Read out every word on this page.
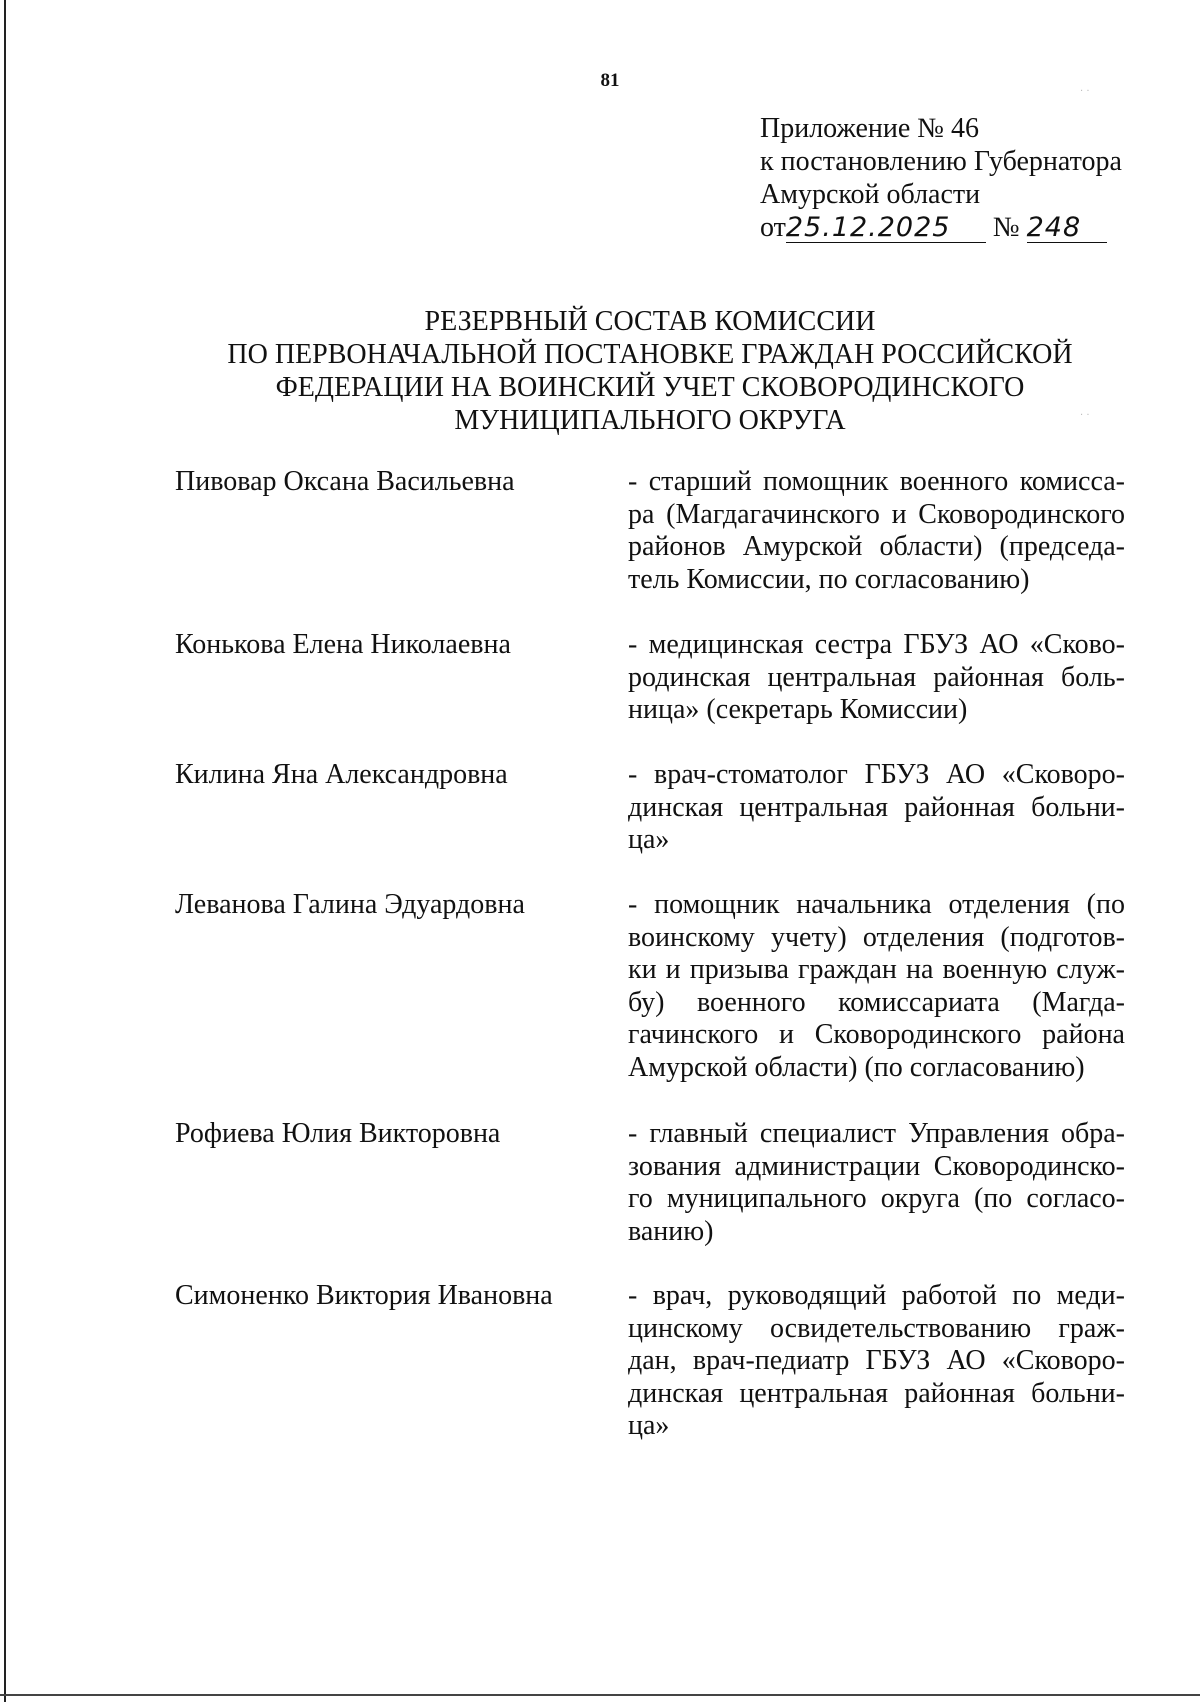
· ·
· ·
81
Приложение № 46
к постановлению Губернатора
Амурской области
от25.12.2025 № 248
РЕЗЕРВНЫЙ СОСТАВ КОМИССИИ
ПО ПЕРВОНАЧАЛЬНОЙ ПОСТАНОВКЕ ГРАЖДАН РОССИЙСКОЙ
ФЕДЕРАЦИИ НА ВОИНСКИЙ УЧЕТ СКОВОРОДИНСКОГО
МУНИЦИПАЛЬНОГО ОКРУГА
Пивовар Оксана Васильевна	- старший помощник военного комисса-
ра (Магдагачинского и Сковородинского
районов Амурской области) (председа-
тель Комиссии, по согласованию)
Конькова Елена Николаевна	- медицинская сестра ГБУЗ АО «Сково-
родинская центральная районная боль-
ница» (секретарь Комиссии)
Килина Яна Александровна	- врач-стоматолог ГБУЗ АО «Сковоро-
динская центральная районная больни-
ца»
Леванова Галина Эдуардовна	- помощник начальника отделения (по
воинскому учету) отделения (подготов-
ки и призыва граждан на военную служ-
бу) военного комиссариата (Магда-
гачинского и Сковородинского района
Амурской области) (по согласованию)
Рофиева Юлия Викторовна	- главный специалист Управления обра-
зования администрации Сковородинско-
го муниципального округа (по согласо-
ванию)
Симоненко Виктория Ивановна	- врач, руководящий работой по меди-
цинскому освидетельствованию граж-
дан, врач-педиатр ГБУЗ АО «Сковоро-
динская центральная районная больни-
ца»
